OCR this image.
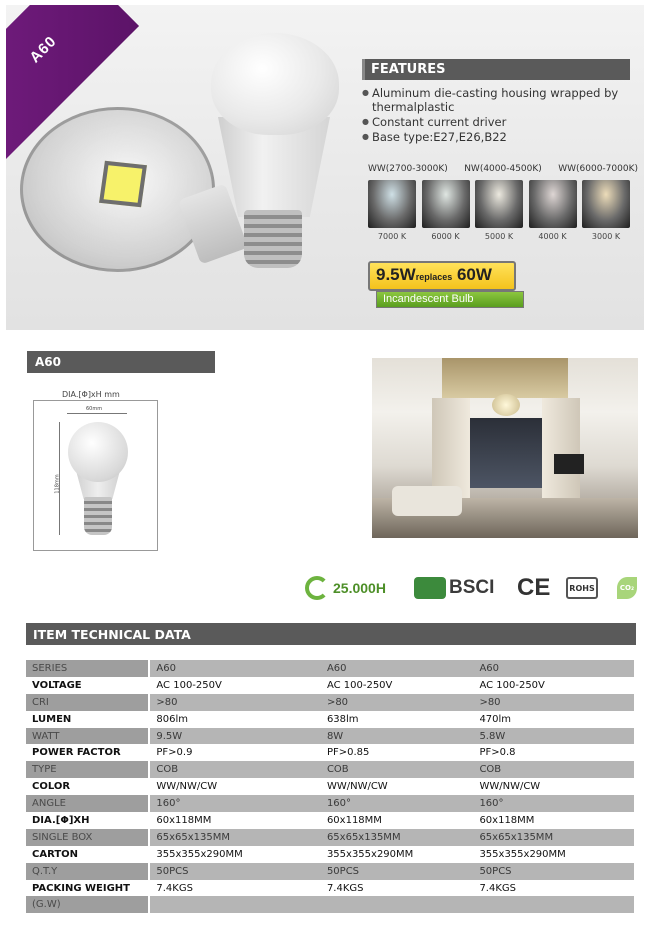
A60
FEATURES
● Aluminum die-casting housing wrapped by thermalplastic
● Constant current driver
● Base type:E27,E26,B22
WW(2700-3000K) NW(4000-4500K) WW(6000-7000K)
7000 K	6000 K	5000 K	4000 K	3000 K
9.5Wreplaces 60W
Incandescent Bulb
A60
DIA.[Φ]xH mm
60mm
118mm
25.000H	BSCI CE	ROHS	CO₂
ITEM TECHNICAL DATA
SERIES		A60	A60	A60
VOLTAGE		AC 100-250V	AC 100-250V	AC 100-250V
CRI		>80	>80	>80
LUMEN		806lm	638lm	470lm
WATT		9.5W	8W	5.8W
POWER FACTOR		PF>0.9	PF>0.85	PF>0.8
TYPE		COB	COB	COB
COLOR		WW/NW/CW	WW/NW/CW	WW/NW/CW
ANGLE		160°	160°	160°
DIA.[Φ]XH		60x118MM	60x118MM	60x118MM
SINGLE BOX		65x65x135MM	65x65x135MM	65x65x135MM
CARTON		355x355x290MM	355x355x290MM	355x355x290MM
Q.T.Y		50PCS	50PCS	50PCS
PACKING WEIGHT		7.4KGS	7.4KGS	7.4KGS
(G.W)				
